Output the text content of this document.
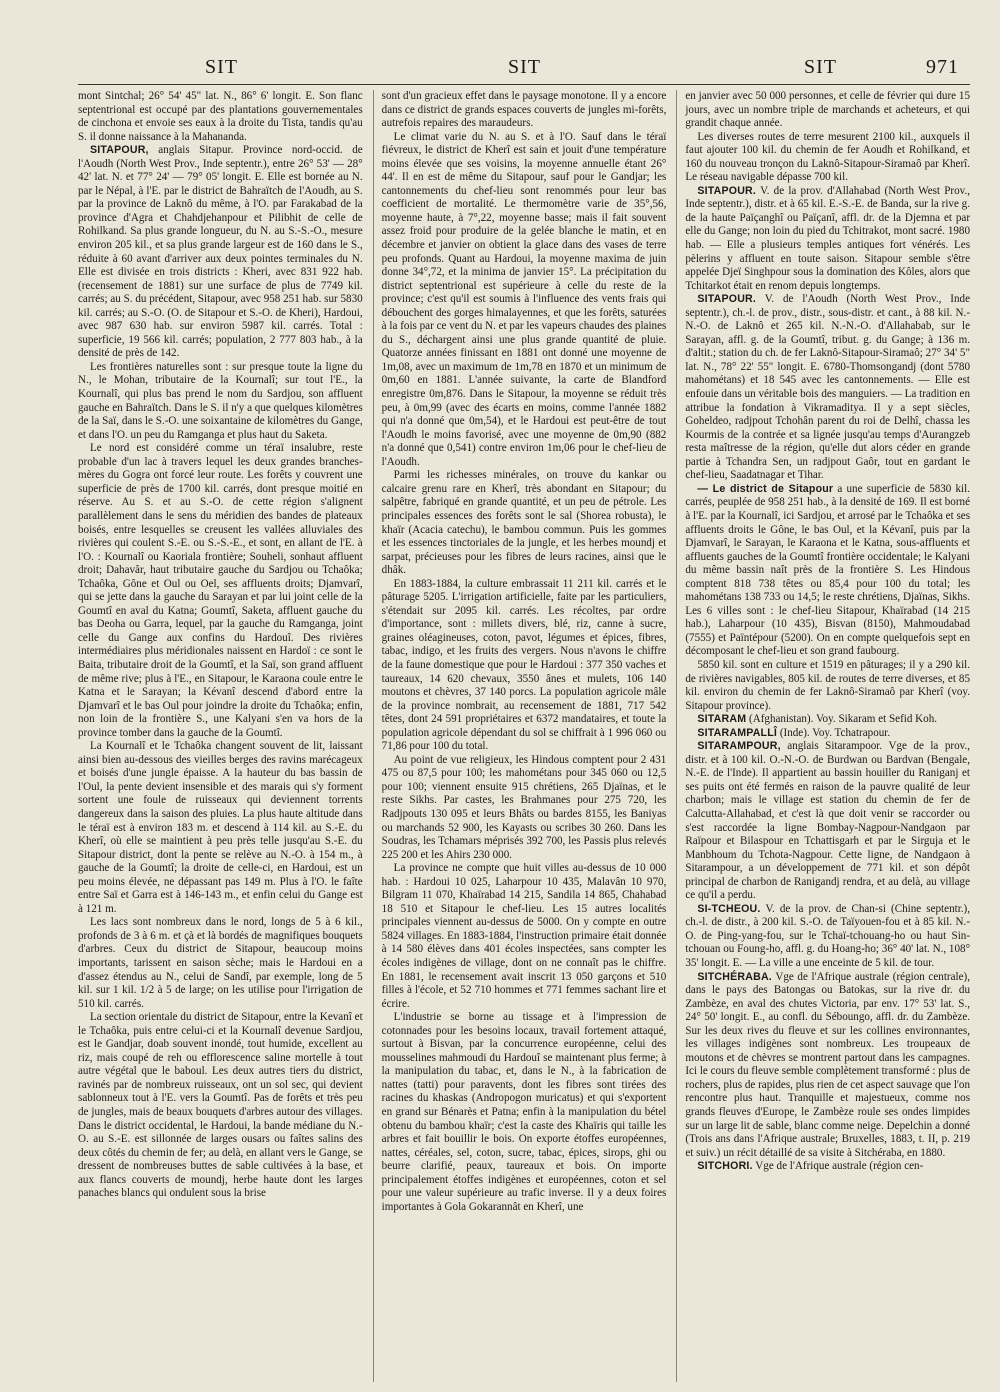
SIT	SIT	SIT	971

mont Sintchal; 26° 54' 45" lat. N., 86° 6' longit. E. Son flanc septentrional est occupé par des plantations gouvernementales de cinchona et envoie ses eaux à la droite du Tista, tandis qu'au S. il donne naissance à la Mahananda.

SITAPOUR, anglais Sitapur. Province nord-occid. de l'Aoudh (North West Prov., Inde septentr.), entre 26° 53' — 28° 42' lat. N. et 77° 24' — 79° 05' longit. E. Elle est bornée au N. par le Népal, à l'E. par le district de Bahraïtch de l'Aoudh, au S. par la province de Laknô du même, à l'O. par Farakabad de la province d'Agra et Chahdjehanpour et Pilibhit de celle de Rohilkand. Sa plus grande longueur, du N. au S.-S.-O., mesure environ 205 kil., et sa plus grande largeur est de 160 dans le S., réduite à 60 avant d'arriver aux deux pointes terminales du N. Elle est divisée en trois districts : Kheri, avec 831 922 hab. (recensement de 1881) sur une surface de plus de 7749 kil. carrés; au S. du précédent, Sitapour, avec 958 251 hab. sur 5830 kil. carrés; au S.-O. (O. de Sitapour et S.-O. de Kheri), Hardoui, avec 987 630 hab. sur environ 5987 kil. carrés. Total : superficie, 19 566 kil. carrés; population, 2 777 803 hab., à la densité de près de 142.

Les frontières naturelles sont : sur presque toute la ligne du N., le Mohan, tributaire de la Kournalî; sur tout l'E., la Kournalî, qui plus bas prend le nom du Sardjou, son affluent gauche en Bahraïtch. Dans le S. il n'y a que quelques kilomètres de la Saï, dans le S.-O. une soixantaine de kilomètres du Gange, et dans l'O. un peu du Ramganga et plus haut du Saketa.

Le nord est considéré comme un téraï insalubre, reste probable d'un lac à travers lequel les deux grandes branches-mères du Gogra ont forcé leur route. Les forêts y couvrent une superficie de près de 1700 kil. carrés, dont presque moitié en réserve. Au S. et au S.-O. de cette région s'alignent parallèlement dans le sens du méridien des bandes de plateaux boisés, entre lesquelles se creusent les vallées alluviales des rivières qui coulent S.-E. ou S.-S.-E., et sont, en allant de l'E. à l'O. : Kournalî ou Kaoriala frontière; Souheli, sonhaut affluent droit; Dahavâr, haut tributaire gauche du Sardjou ou Tchaôka; Tchaôka, Gône et Oul ou Oel, ses affluents droits; Djamvarî, qui se jette dans la gauche du Sarayan et par lui joint celle de la Goumtî en aval du Katna; Goumtî, Saketa, affluent gauche du bas Deoha ou Garra, lequel, par la gauche du Ramganga, joint celle du Gange aux confins du Hardouî. Des rivières intermédiaires plus méridionales naissent en Hardoï : ce sont le Baita, tributaire droit de la Goumtî, et la Saï, son grand affluent de même rive; plus à l'E., en Sitapour, le Karaona coule entre le Katna et le Sarayan; la Kévanî descend d'abord entre la Djamvarî et le bas Oul pour joindre la droite du Tchaôka; enfin, non loin de la frontière S., une Kalyani s'en va hors de la province tomber dans la gauche de la Goumtî.

La Kournalî et le Tchaôka changent souvent de lit, laissant ainsi bien au-dessous des vieilles berges des ravins marécageux et boisés d'une jungle épaisse. A la hauteur du bas bassin de l'Oul, la pente devient insensible et des marais qui s'y forment sortent une foule de ruisseaux qui deviennent torrents dangereux dans la saison des pluies. La plus haute altitude dans le téraï est à environ 183 m. et descend à 114 kil. au S.-E. du Kherî, où elle se maintient à peu près telle jusqu'au S.-E. du Sitapour district, dont la pente se relève au N.-O. à 154 m., à gauche de la Goumtî; la droite de celle-ci, en Hardoui, est un peu moins élevée, ne dépassant pas 149 m. Plus à l'O. le faîte entre Saï et Garra est à 146-143 m., et enfin celui du Gange est à 121 m.

Les lacs sont nombreux dans le nord, longs de 5 à 6 kil., profonds de 3 à 6 m. et çà et là bordés de magnifiques bouquets d'arbres. Ceux du district de Sitapour, beaucoup moins importants, tarissent en saison sèche; mais le Hardoui en a d'assez étendus au N., celui de Sandî, par exemple, long de 5 kil. sur 1 kil. 1/2 à 5 de large; on les utilise pour l'irrigation de 510 kil. carrés.

La section orientale du district de Sitapour, entre la Kevanî et le Tchaôka, puis entre celui-ci et la Kournalî devenue Sardjou, est le Gandjar, doab souvent inondé, tout humide, excellent au riz, mais coupé de reh ou efflorescence saline mortelle à tout autre végétal que le baboul. Les deux autres tiers du district, ravinés par de nombreux ruisseaux, ont un sol sec, qui devient sablonneux tout à l'E. vers la Goumtî. Pas de forêts et très peu de jungles, mais de beaux bouquets d'arbres autour des villages. Dans le district occidental, le Hardoui, la bande médiane du N.-O. au S.-E. est sillonnée de larges ousars ou faîtes salins des deux côtés du chemin de fer; au delà, en allant vers le Gange, se dressent de nombreuses buttes de sable cultivées à la base, et aux flancs couverts de moundj, herbe haute dont les larges panaches blancs qui ondulent sous la brise

sont d'un gracieux effet dans le paysage monotone. Il y a encore dans ce district de grands espaces couverts de jungles mi-forêts, autrefois repaires des maraudeurs.

Le climat varie du N. au S. et à l'O. Sauf dans le téraï fiévreux, le district de Kherî est sain et jouit d'une température moins élevée que ses voisins, la moyenne annuelle étant 26° 44'. Il en est de même du Sitapour, sauf pour le Gandjar; les cantonnements du chef-lieu sont renommés pour leur bas coefficient de mortalité. Le thermomètre varie de 35°,56, moyenne haute, à 7°,22, moyenne basse; mais il fait souvent assez froid pour produire de la gelée blanche le matin, et en décembre et janvier on obtient la glace dans des vases de terre peu profonds. Quant au Hardoui, la moyenne maxima de juin donne 34°,72, et la minima de janvier 15°. La précipitation du district septentrional est supérieure à celle du reste de la province; c'est qu'il est soumis à l'influence des vents frais qui débouchent des gorges himalayennes, et que les forêts, saturées à la fois par ce vent du N. et par les vapeurs chaudes des plaines du S., déchargent ainsi une plus grande quantité de pluie. Quatorze années finissant en 1881 ont donné une moyenne de 1m,08, avec un maximum de 1m,78 en 1870 et un minimum de 0m,60 en 1881. L'année suivante, la carte de Blandford enregistre 0m,876. Dans le Sitapour, la moyenne se réduit très peu, à 0m,99 (avec des écarts en moins, comme l'année 1882 qui n'a donné que 0m,54), et le Hardoui est peut-être de tout l'Aoudh le moins favorisé, avec une moyenne de 0m,90 (882 n'a donné que 0,541) contre environ 1m,06 pour le chef-lieu de l'Aoudh.

Parmi les richesses minérales, on trouve du kankar ou calcaire grenu rare en Kherî, très abondant en Sitapour; du salpêtre, fabriqué en grande quantité, et un peu de pétrole. Les principales essences des forêts sont le sal (Shorea robusta), le khaïr (Acacia catechu), le bambou commun. Puis les gommes et les essences tinctoriales de la jungle, et les herbes moundj et sarpat, précieuses pour les fibres de leurs racines, ainsi que le dhâk.

En 1883-1884, la culture embrassait 11 211 kil. carrés et le pâturage 5205. L'irrigation artificielle, faite par les particuliers, s'étendait sur 2095 kil. carrés. Les récoltes, par ordre d'importance, sont : millets divers, blé, riz, canne à sucre, graines oléagineuses, coton, pavot, légumes et épices, fibres, tabac, indigo, et les fruits des vergers. Nous n'avons le chiffre de la faune domestique que pour le Hardoui : 377 350 vaches et taureaux, 14 620 chevaux, 3550 ânes et mulets, 106 140 moutons et chèvres, 37 140 porcs. La population agricole mâle de la province nombrait, au recensement de 1881, 717 542 têtes, dont 24 591 propriétaires et 6372 mandataires, et toute la population agricole dépendant du sol se chiffrait à 1 996 060 ou 71,86 pour 100 du total.

Au point de vue religieux, les Hindous comptent pour 2 431 475 ou 87,5 pour 100; les mahométans pour 345 060 ou 12,5 pour 100; viennent ensuite 915 chrétiens, 265 Djaïnas, et le reste Sikhs. Par castes, les Brahmanes pour 275 720, les Radjpouts 130 095 et leurs Bhâts ou bardes 8155, les Baniyas ou marchands 52 900, les Kayasts ou scribes 30 260. Dans les Soudras, les Tchamars méprisés 392 700, les Passis plus relevés 225 200 et les Ahirs 230 000.

La province ne compte que huit villes au-dessus de 10 000 hab. : Hardoui 10 025, Laharpour 10 435, Malavân 10 970, Bilgram 11 070, Khaïrabad 14 215, Sandila 14 865, Chahabad 18 510 et Sitapour le chef-lieu. Les 15 autres localités principales viennent au-dessus de 5000. On y compte en outre 5824 villages. En 1883-1884, l'instruction primaire était donnée à 14 580 élèves dans 401 écoles inspectées, sans compter les écoles indigènes de village, dont on ne connaît pas le chiffre. En 1881, le recensement avait inscrit 13 050 garçons et 510 filles à l'école, et 52 710 hommes et 771 femmes sachant lire et écrire.

L'industrie se borne au tissage et à l'impression de cotonnades pour les besoins locaux, travail fortement attaqué, surtout à Bisvan, par la concurrence européenne, celui des mousselines mahmoudi du Hardouî se maintenant plus ferme; à la manipulation du tabac, et, dans le N., à la fabrication de nattes (tatti) pour paravents, dont les fibres sont tirées des racines du khaskas (Andropogon muricatus) et qui s'exportent en grand sur Bénarès et Patna; enfin à la manipulation du bétel obtenu du bambou khaïr; c'est la caste des Khaïris qui taille les arbres et fait bouillir le bois. On exporte étoffes européennes, nattes, céréales, sel, coton, sucre, tabac, épices, sirops, ghi ou beurre clarifié, peaux, taureaux et bois. On importe principalement étoffes indigènes et européennes, coton et sel pour une valeur supérieure au trafic inverse. Il y a deux foires importantes à Gola Gokarannât en Kherî, une

en janvier avec 50 000 personnes, et celle de février qui dure 15 jours, avec un nombre triple de marchands et acheteurs, et qui grandit chaque année.

Les diverses routes de terre mesurent 2100 kil., auxquels il faut ajouter 100 kil. du chemin de fer Aoudh et Rohilkand, et 160 du nouveau tronçon du Laknô-Sitapour-Siramaô par Kherî. Le réseau navigable dépasse 700 kil.

SITAPOUR. V. de la prov. d'Allahabad (North West Prov., Inde septentr.), distr. et à 65 kil. E.-S.-E. de Banda, sur la rive g. de la haute Païçanghî ou Païçanî, affl. dr. de la Djemna et par elle du Gange; non loin du pied du Tchitrakot, mont sacré. 1980 hab. — Elle a plusieurs temples antiques fort vénérés. Les pèlerins y affluent en toute saison. Sitapour semble s'être appelée Djeï Singhpour sous la domination des Kôles, alors que Tchitarkot était en renom depuis longtemps.

SITAPOUR. V. de l'Aoudh (North West Prov., Inde septentr.), ch.-l. de prov., distr., sous-distr. et cant., à 88 kil. N.-N.-O. de Laknô et 265 kil. N.-N.-O. d'Allahabab, sur le Sarayan, affl. g. de la Goumtî, tribut. g. du Gange; à 136 m. d'altit.; station du ch. de fer Laknô-Sitapour-Siramaô; 27° 34' 5" lat. N., 78° 22' 55" longit. E. 6780-Thomsongandj (dont 5780 mahométans) et 18 545 avec les cantonnements. — Elle est enfouie dans un véritable bois des manguiers. — La tradition en attribue la fondation à Vikramaditya. Il y a sept siècles, Goheldeo, radjpout Tchohân parent du roi de Delhî, chassa les Kourmis de la contrée et sa lignée jusqu'au temps d'Aurangzeb resta maîtresse de la région, qu'elle dut alors céder en grande partie à Tchandra Sen, un radjpout Gaôr, tout en gardant le chef-lieu, Saadatnagar et Tihar.

— Le district de Sitapour a une superficie de 5830 kil. carrés, peuplée de 958 251 hab., à la densité de 169. Il est borné à l'E. par la Kournalî, ici Sardjou, et arrosé par le Tchaôka et ses affluents droits le Gône, le bas Oul, et la Kévanî, puis par la Djamvarî, le Sarayan, le Karaona et le Katna, sous-affluents et affluents gauches de la Goumtî frontière occidentale; le Kalyani du même bassin naît près de la frontière S. Les Hindous comptent 818 738 têtes ou 85,4 pour 100 du total; les mahométans 138 733 ou 14,5; le reste chrétiens, Djaïnas, Sikhs. Les 6 villes sont : le chef-lieu Sitapour, Khaïrabad (14 215 hab.), Laharpour (10 435), Bisvan (8150), Mahmoudabad (7555) et Païntépour (5200). On en compte quelquefois sept en décomposant le chef-lieu et son grand faubourg.

5850 kil. sont en culture et 1519 en pâturages; il y a 290 kil. de rivières navigables, 805 kil. de routes de terre diverses, et 85 kil. environ du chemin de fer Laknô-Siramaô par Kherî (voy. Sitapour province).

SITARAM (Afghanistan). Voy. Sikaram et Sefid Koh.

SITARAMPALLÎ (Inde). Voy. Tchatrapour.

SITARAMPOUR, anglais Sitarampoor. Vge de la prov., distr. et à 100 kil. O.-N.-O. de Burdwan ou Bardvan (Bengale, N.-E. de l'Inde). Il appartient au bassin houiller du Raniganj et ses puits ont été fermés en raison de la pauvre qualité de leur charbon; mais le village est station du chemin de fer de Calcutta-Allahabad, et c'est là que doit venir se raccorder ou s'est raccordée la ligne Bombay-Nagpour-Nandgaon par Raïpour et Bilaspour en Tchattisgarh et par le Sirguja et le Manbhoum du Tchota-Nagpour. Cette ligne, de Nandgaon à Sitarampour, a un développement de 771 kil. et son dépôt principal de charbon de Ranigandj rendra, et au delà, au village ce qu'il a perdu.

SI-TCHEOU. V. de la prov. de Chan-si (Chine septentr.), ch.-l. de distr., à 200 kil. S.-O. de Taïyouen-fou et à 85 kil. N.-O. de Ping-yang-fou, sur le Tchaï-tchouang-ho ou haut Sin-tchouan ou Foung-ho, affl. g. du Hoang-ho; 36° 40' lat. N., 108° 35' longit. E. — La ville a une enceinte de 5 kil. de tour.

SITCHÉRABA. Vge de l'Afrique australe (région centrale), dans le pays des Batongas ou Batokas, sur la rive dr. du Zambèze, en aval des chutes Victoria, par env. 17° 53' lat. S., 24° 50' longit. E., au confl. du Séboungo, affl. dr. du Zambèze. Sur les deux rives du fleuve et sur les collines environnantes, les villages indigènes sont nombreux. Les troupeaux de moutons et de chèvres se montrent partout dans les campagnes. Ici le cours du fleuve semble complètement transformé : plus de rochers, plus de rapides, plus rien de cet aspect sauvage que l'on rencontre plus haut. Tranquille et majestueux, comme nos grands fleuves d'Europe, le Zambèze roule ses ondes limpides sur un large lit de sable, blanc comme neige. Depelchin a donné (Trois ans dans l'Afrique australe; Bruxelles, 1883, t. II, p. 219 et suiv.) un récit détaillé de sa visite à Sitchéraba, en 1880.

SITCHORI. Vge de l'Afrique australe (région cen-
